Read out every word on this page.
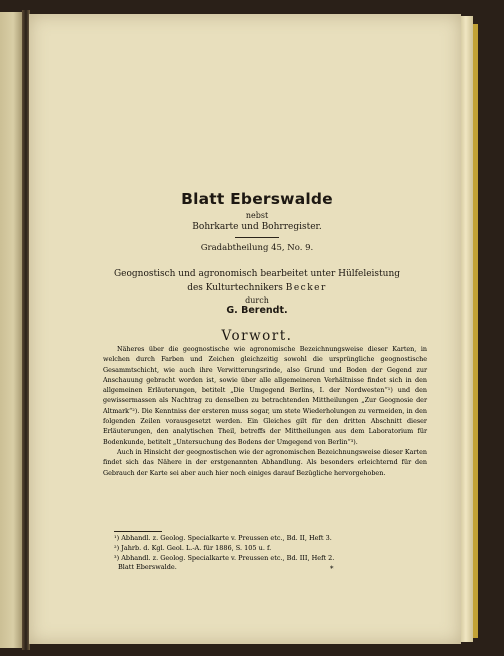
Blatt Eberswalde
nebst
Bohrkarte und Bohrregister.
Gradabtheilung 45, No. 9.
Geognostisch und agronomisch bearbeitet unter Hülfeleistung
des Kulturtechnikers Becker
durch
G. Berendt.
Vorwort.

Näheres über die geognostische wie agronomische Bezeichnungsweise dieser Karten, in welchen durch Farben und Zeichen gleichzeitig sowohl die ursprüngliche geognostische Gesammtschicht, wie auch ihre Verwitterungsrinde, also Grund und Boden der Gegend zur Anschauung gebracht worden ist, sowie über alle allgemeineren Verhältnisse findet sich in den allgemeinen Erläuterungen, betitelt „Die Umgegend Berlins, I. der Nordwesten“¹) und den gewissermassen als Nachtrag zu denselben zu betrachtenden Mittheilungen „Zur Geognosie der Altmark“²). Die Kenntniss der ersteren muss sogar, um stete Wiederholungen zu vermeiden, in den folgenden Zeilen vorausgesetzt werden. Ein Gleiches gilt für den dritten Abschnitt dieser Erläuterungen, den analytischen Theil, betreffs der Mittheilungen aus dem Laboratorium für Bodenkunde, betitelt „Untersuchung des Bodens der Umgegend von Berlin“³).

Auch in Hinsicht der geognostischen wie der agronomischen Bezeichnungsweise dieser Karten findet sich das Nähere in der erstgenannten Abhandlung. Als besonders erleichternd für den Gebrauch der Karte sei aber auch hier noch einiges darauf Bezügliche hervorgehoben.

¹) Abhandl. z. Geolog. Specialkarte v. Preussen etc., Bd. II, Heft 3.
²) Jahrb. d. Kgl. Geol. L.-A. für 1886, S. 105 u. f.
³) Abhandl. z. Geolog. Specialkarte v. Preussen etc., Bd. III, Heft 2.
Blatt Eberswalde.	*
